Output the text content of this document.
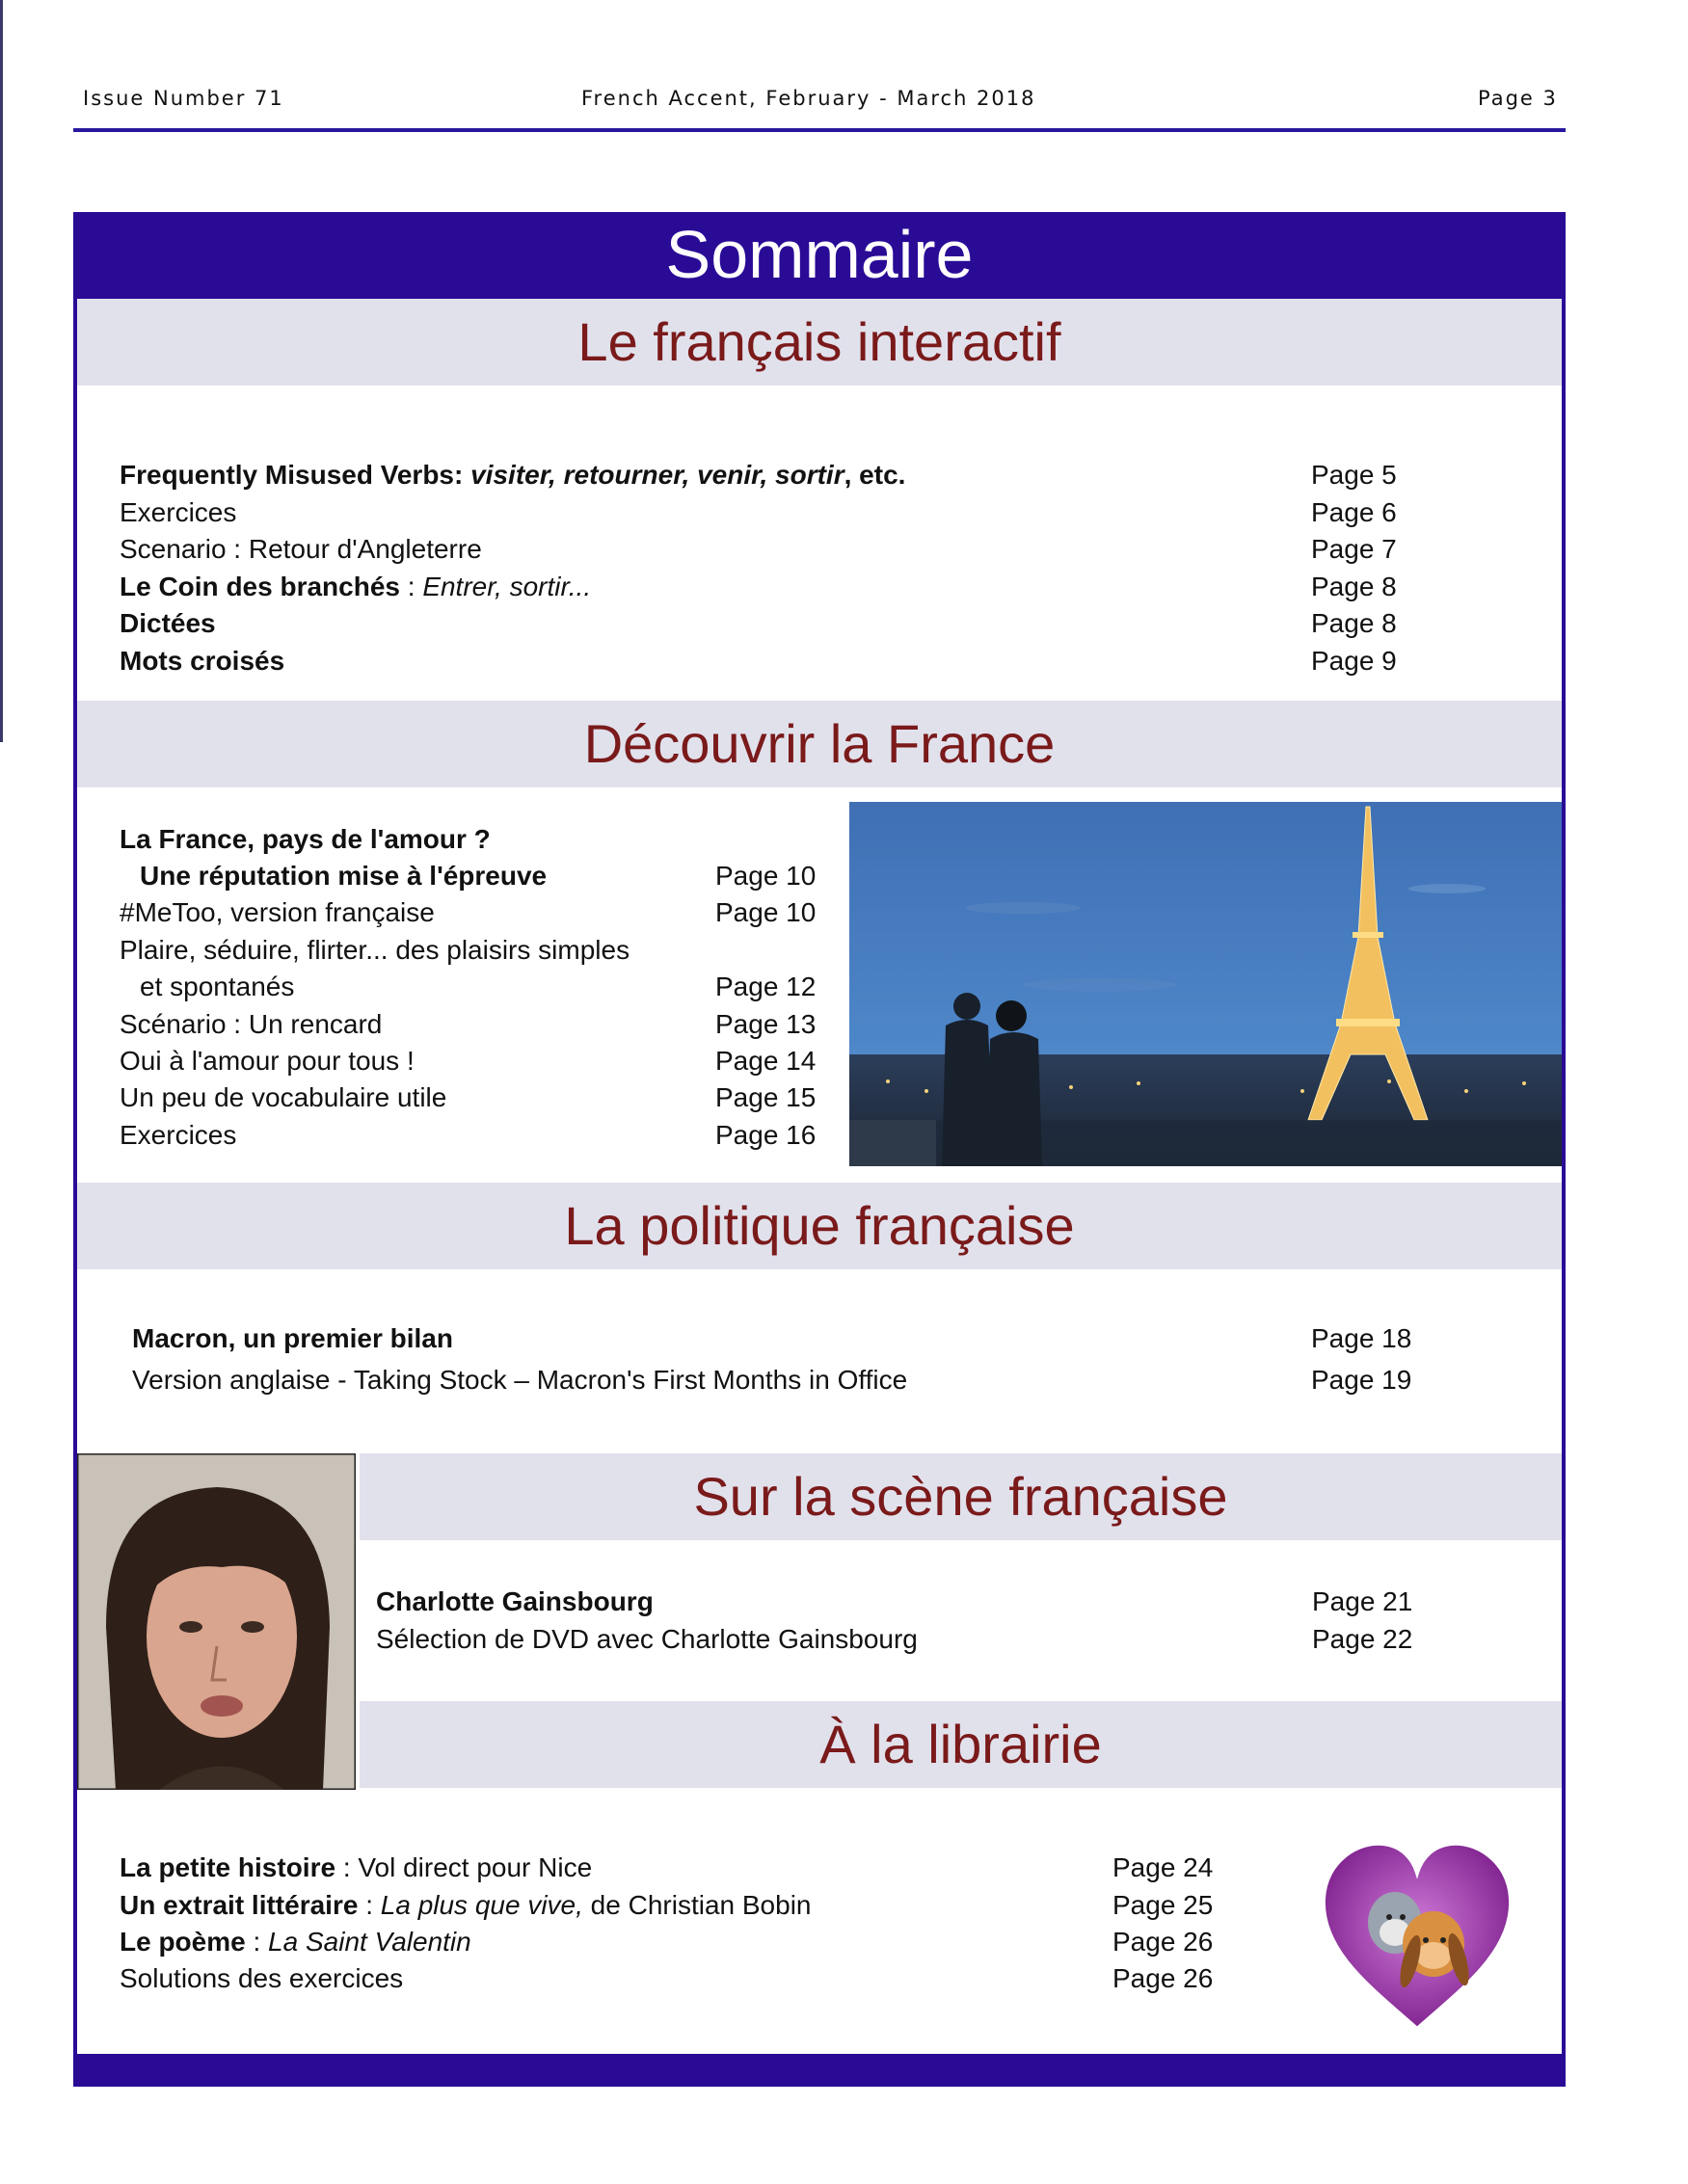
Issue Number 71	French Accent, February - March 2018	Page 3
Sommaire
Le français interactif
Frequently Misused Verbs: visiter, retourner, venir, sortir, etc.	Page 5
Exercices	Page 6
Scenario : Retour d'Angleterre	Page 7
Le Coin des branchés : Entrer, sortir...	Page 8
Dictées	Page 8
Mots croisés	Page 9
Découvrir la France
La France, pays de l'amour ?
Une réputation mise à l'épreuve	Page 10
#MeToo, version française	Page 10
Plaire, séduire, flirter... des plaisirs simples
et spontanés	Page 12
Scénario : Un rencard	Page 13
Oui à l'amour pour tous !	Page 14
Un peu de vocabulaire utile	Page 15
Exercices	Page 16
La politique française
Macron, un premier bilan	Page 18
Version anglaise - Taking Stock – Macron's First Months in Office	Page 19
Sur la scène française
Charlotte Gainsbourg	Page 21
Sélection de DVD avec Charlotte Gainsbourg	Page 22
À la librairie
La petite histoire : Vol direct pour Nice	Page 24
Un extrait littéraire : La plus que vive, de Christian Bobin	Page 25
Le poème : La Saint Valentin	Page 26
Solutions des exercices	Page 26
